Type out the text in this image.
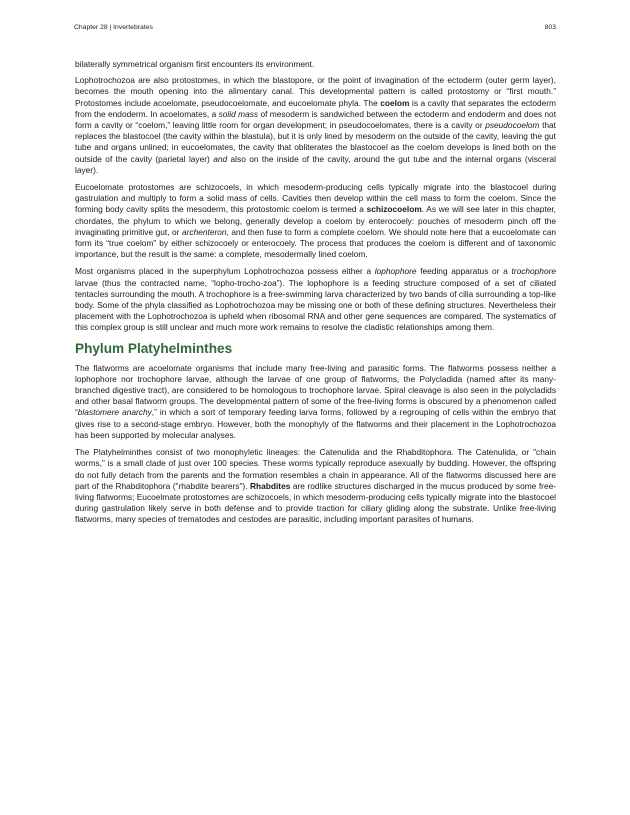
Chapter 28 | Invertebrates	803

bilaterally symmetrical organism first encounters its environment.

Lophotrochozoa are also protostomes, in which the blastopore, or the point of invagination of the ectoderm (outer germ layer), becomes the mouth opening into the alimentary canal. This developmental pattern is called protostomy or “first mouth.” Protostomes include acoelomate, pseudocoelomate, and eucoelomate phyla. The coelom is a cavity that separates the ectoderm from the endoderm. In acoelomates, a solid mass of mesoderm is sandwiched between the ectoderm and endoderm and does not form a cavity or “coelom,” leaving little room for organ development; in pseudocoelomates, there is a cavity or pseudocoelom that replaces the blastocoel (the cavity within the blastula), but it is only lined by mesoderm on the outside of the cavity, leaving the gut tube and organs unlined; in eucoelomates, the cavity that obliterates the blastocoel as the coelom develops is lined both on the outside of the cavity (parietal layer) and also on the inside of the cavity, around the gut tube and the internal organs (visceral layer).

Eucoelomate protostomes are schizocoels, in which mesoderm-producing cells typically migrate into the blastocoel during gastrulation and multiply to form a solid mass of cells. Cavities then develop within the cell mass to form the coelom. Since the forming body cavity splits the mesoderm, this protostomic coelom is termed a schizocoelom. As we will see later in this chapter, chordates, the phylum to which we belong, generally develop a coelom by enterocoely: pouches of mesoderm pinch off the invaginating primitive gut, or archenteron, and then fuse to form a complete coelom. We should note here that a eucoelomate can form its “true coelom” by either schizocoely or enterocoely. The process that produces the coelom is different and of taxonomic importance, but the result is the same: a complete, mesodermally lined coelom.

Most organisms placed in the superphylum Lophotrochozoa possess either a lophophore feeding apparatus or a trochophore larvae (thus the contracted name, “lopho-trocho-zoa”). The lophophore is a feeding structure composed of a set of ciliated tentacles surrounding the mouth. A trochophore is a free-swimming larva characterized by two bands of cilia surrounding a top-like body. Some of the phyla classified as Lophotrochozoa may be missing one or both of these defining structures. Nevertheless their placement with the Lophotrochozoa is upheld when ribosomal RNA and other gene sequences are compared. The systematics of this complex group is still unclear and much more work remains to resolve the cladistic relationships among them.

Phylum Platyhelminthes

The flatworms are acoelomate organisms that include many free-living and parasitic forms. The flatworms possess neither a lophophore nor trochophore larvae, although the larvae of one group of flatworms, the Polycladida (named after its many-branched digestive tract), are considered to be homologous to trochophore larvae. Spiral cleavage is also seen in the polycladids and other basal flatworm groups. The developmental pattern of some of the free-living forms is obscured by a phenomenon called “blastomere anarchy,” in which a sort of temporary feeding larva forms, followed by a regrouping of cells within the embryo that gives rise to a second-stage embryo. However, both the monophyly of the flatworms and their placement in the Lophotrochozoa has been supported by molecular analyses.

The Platyhelminthes consist of two monophyletic lineages: the Catenulida and the Rhabditophora. The Catenulida, or "chain worms," is a small clade of just over 100 species. These worms typically reproduce asexually by budding. However, the offspring do not fully detach from the parents and the formation resembles a chain in appearance. All of the flatworms discussed here are part of the Rhabditophora ("rhabdite bearers"). Rhabdites are rodlike structures discharged in the mucus produced by some free-living flatworms; Eucoelmate protostomes are schizocoels, in which mesoderm-producing cells typically migrate into the blastocoel during gastrulation likely serve in both defense and to provide traction for ciliary gliding along the substrate. Unlike free-living flatworms, many species of trematodes and cestodes are parasitic, including important parasites of humans.
